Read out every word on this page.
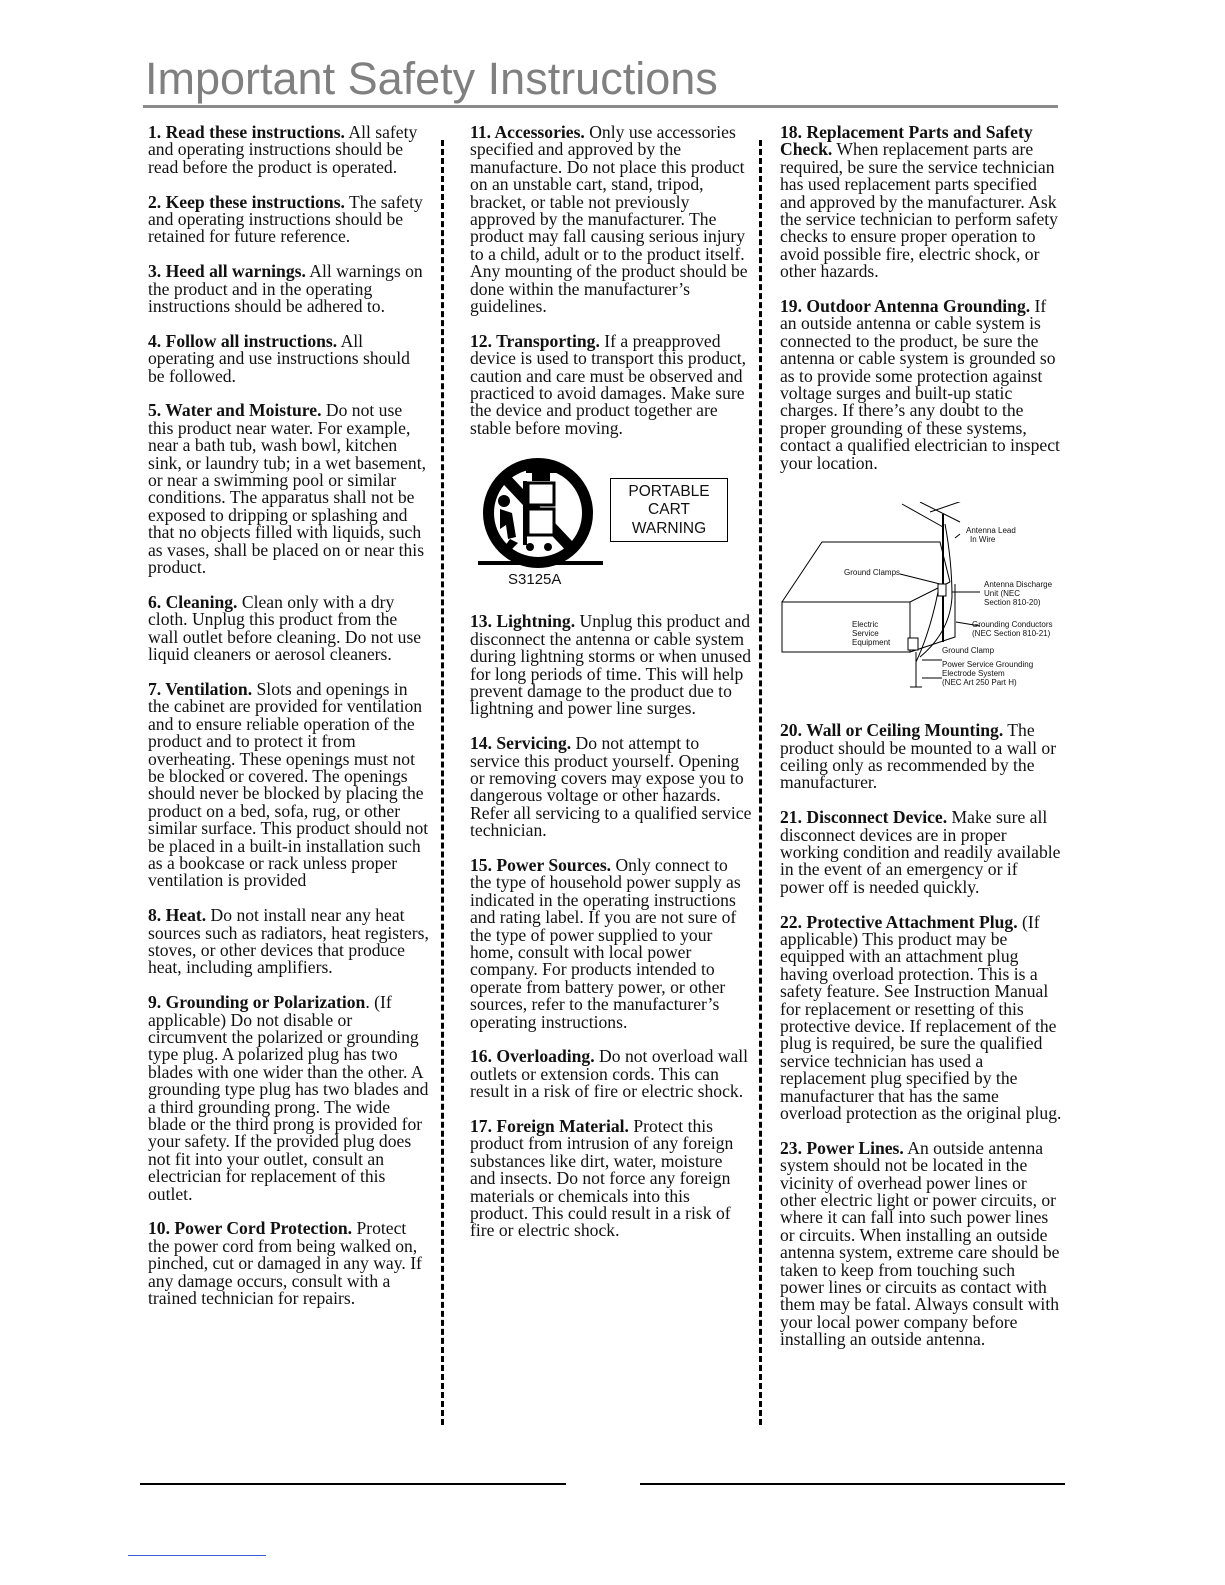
Important Safety Instructions

1. Read these instructions. All safety and operating instructions should be read before the product is operated.

2. Keep these instructions. The safety and operating instructions should be retained for future reference.

3. Heed all warnings. All warnings on the product and in the operating instructions should be adhered to.

4. Follow all instructions. All operating and use instructions should be followed.

5. Water and Moisture. Do not use this product near water. For example, near a bath tub, wash bowl, kitchen sink, or laundry tub; in a wet basement, or near a swimming pool or similar conditions. The apparatus shall not be exposed to dripping or splashing and that no objects filled with liquids, such as vases, shall be placed on or near this product.

6. Cleaning. Clean only with a dry cloth. Unplug this product from the wall outlet before cleaning. Do not use liquid cleaners or aerosol cleaners.

7. Ventilation. Slots and openings in the cabinet are provided for ventilation and to ensure reliable operation of the product and to protect it from overheating. These openings must not be blocked or covered. The openings should never be blocked by placing the product on a bed, sofa, rug, or other similar surface. This product should not be placed in a built-in installation such as a bookcase or rack unless proper ventilation is provided

8. Heat. Do not install near any heat sources such as radiators, heat registers, stoves, or other devices that produce heat, including amplifiers.

9. Grounding or Polarization. (If applicable) Do not disable or circumvent the polarized or grounding type plug. A polarized plug has two blades with one wider than the other. A grounding type plug has two blades and a third grounding prong. The wide blade or the third prong is provided for your safety. If the provided plug does not fit into your outlet, consult an electrician for replacement of this outlet.

10. Power Cord Protection. Protect the power cord from being walked on, pinched, cut or damaged in any way. If any damage occurs, consult with a trained technician for repairs.

11. Accessories. Only use accessories specified and approved by the manufacture. Do not place this product on an unstable cart, stand, tripod, bracket, or table not previously approved by the manufacturer. The product may fall causing serious injury to a child, adult or to the product itself. Any mounting of the product should be done within the manufacturer’s guidelines.

12. Transporting. If a preapproved device is used to transport this product, caution and care must be observed and practiced to avoid damages. Make sure the device and product together are stable before moving.

PORTABLE
CART
WARNING
S3125A

13. Lightning. Unplug this product and disconnect the antenna or cable system during lightning storms or when unused for long periods of time. This will help prevent damage to the product due to lightning and power line surges.

14. Servicing. Do not attempt to service this product yourself. Opening or removing covers may expose you to dangerous voltage or other hazards. Refer all servicing to a qualified service technician.

15. Power Sources. Only connect to the type of household power supply as indicated in the operating instructions and rating label. If you are not sure of the type of power supplied to your home, consult with local power company. For products intended to operate from battery power, or other sources, refer to the manufacturer’s operating instructions.

16. Overloading. Do not overload wall outlets or extension cords. This can result in a risk of fire or electric shock.

17. Foreign Material. Protect this product from intrusion of any foreign substances like dirt, water, moisture and insects. Do not force any foreign materials or chemicals into this product. This could result in a risk of fire or electric shock.

18. Replacement Parts and Safety Check. When replacement parts are required, be sure the service technician has used replacement parts specified and approved by the manufacturer. Ask the service technician to perform safety checks to ensure proper operation to avoid possible fire, electric shock, or other hazards.

19. Outdoor Antenna Grounding. If an outside antenna or cable system is connected to the product, be sure the antenna or cable system is grounded so as to provide some protection against voltage surges and built-up static charges. If there’s any doubt to the proper grounding of these systems, contact a qualified electrician to inspect your location.

Antenna Lead
In Wire
Ground Clamps
Antenna Discharge
Unit (NEC
Section 810-20)
Electric
Service
Equipment
Grounding Conductors
(NEC Section 810-21)
Ground Clamp
Power Service Grounding
Electrode System
(NEC Art 250 Part H)

20. Wall or Ceiling Mounting. The product should be mounted to a wall or ceiling only as recommended by the manufacturer.

21. Disconnect Device. Make sure all disconnect devices are in proper working condition and readily available in the event of an emergency or if power off is needed quickly.

22. Protective Attachment Plug. (If applicable) This product may be equipped with an attachment plug having overload protection. This is a safety feature. See Instruction Manual for replacement or resetting of this protective device. If replacement of the plug is required, be sure the qualified service technician has used a replacement plug specified by the manufacturer that has the same overload protection as the original plug.

23. Power Lines. An outside antenna system should not be located in the vicinity of overhead power lines or other electric light or power circuits, or where it can fall into such power lines or circuits. When installing an outside antenna system, extreme care should be taken to keep from touching such power lines or circuits as contact with them may be fatal. Always consult with your local power company before installing an outside antenna.
